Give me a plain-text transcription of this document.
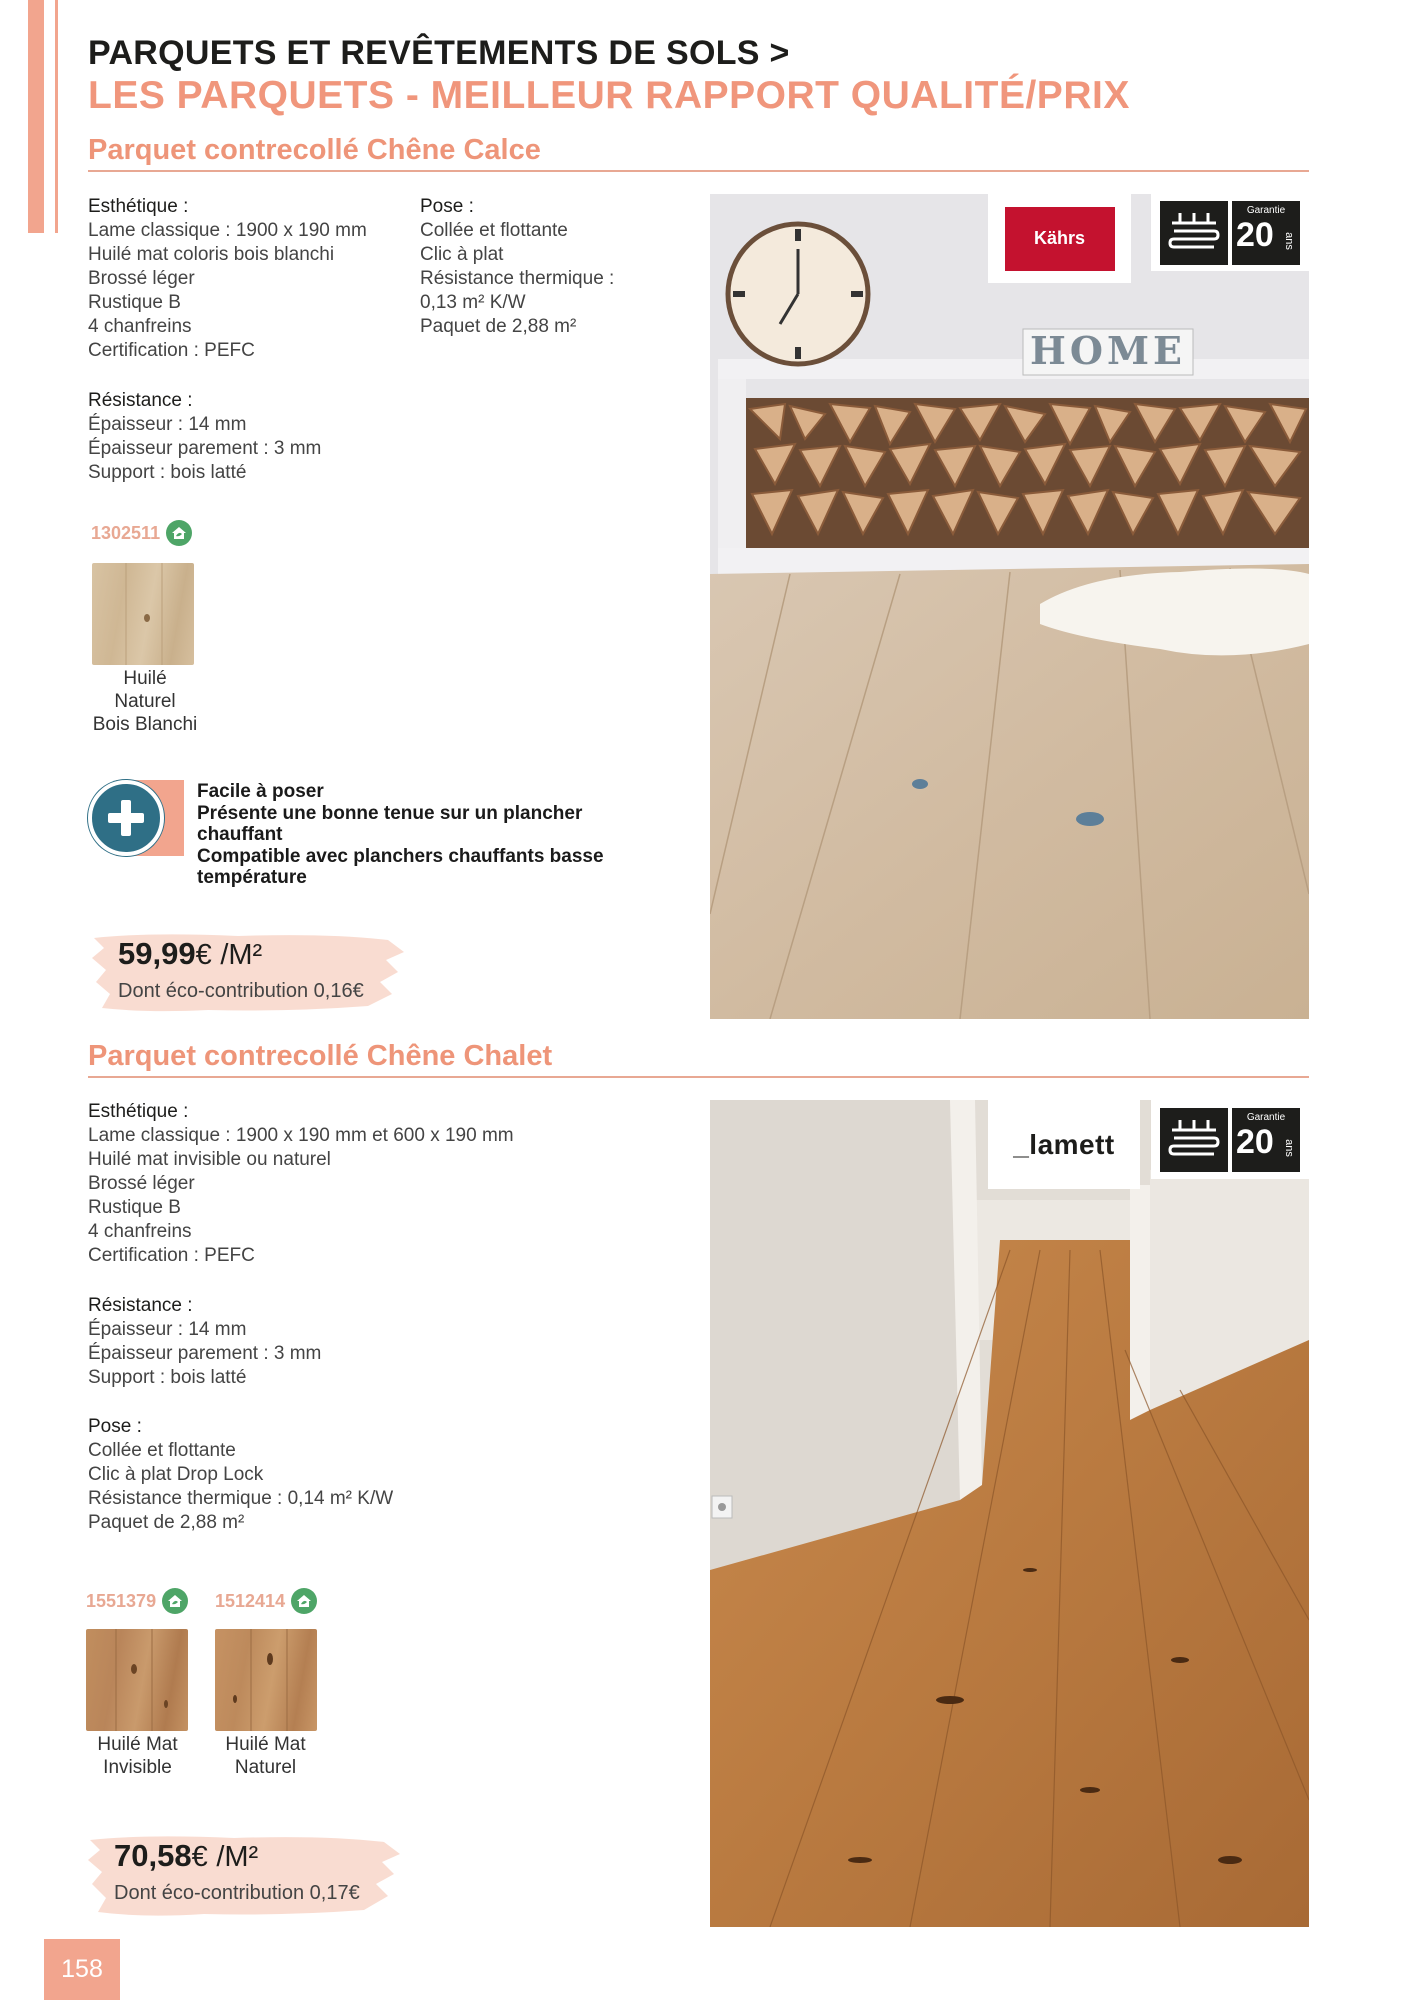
PARQUETS ET REVÊTEMENTS DE SOLS >
LES PARQUETS - MEILLEUR RAPPORT QUALITÉ/PRIX
Parquet contrecollé Chêne Calce
Esthétique :
Lame classique : 1900 x 190 mm
Huilé mat coloris bois blanchi
Brossé léger
Rustique B
4 chanfreins
Certification : PEFC
Pose :
Collée et flottante
Clic à plat
Résistance thermique :
0,13 m² K/W
Paquet de 2,88 m²
Résistance :
Épaisseur : 14 mm
Épaisseur parement : 3 mm
Support : bois latté
1302511
Huilé
Naturel
Bois Blanchi
Facile à poser
Présente une bonne tenue sur un plancher chauffant
Compatible avec planchers chauffants basse température
59,99€ /M²
Dont éco-contribution 0,16€
HOME
Kährs
Garantie
20 ans
Parquet contrecollé Chêne Chalet
Esthétique :
Lame classique : 1900 x 190 mm et 600 x 190 mm
Huilé mat invisible ou naturel
Brossé léger
Rustique B
4 chanfreins
Certification : PEFC
Résistance :
Épaisseur : 14 mm
Épaisseur parement : 3 mm
Support : bois latté
Pose :
Collée et flottante
Clic à plat Drop Lock
Résistance thermique : 0,14 m² K/W
Paquet de 2,88 m²
1551379	1512414
Huilé Mat
Invisible
Huilé Mat
Naturel
70,58€ /M²
Dont éco-contribution 0,17€
_lamett
Garantie
20 ans
158
